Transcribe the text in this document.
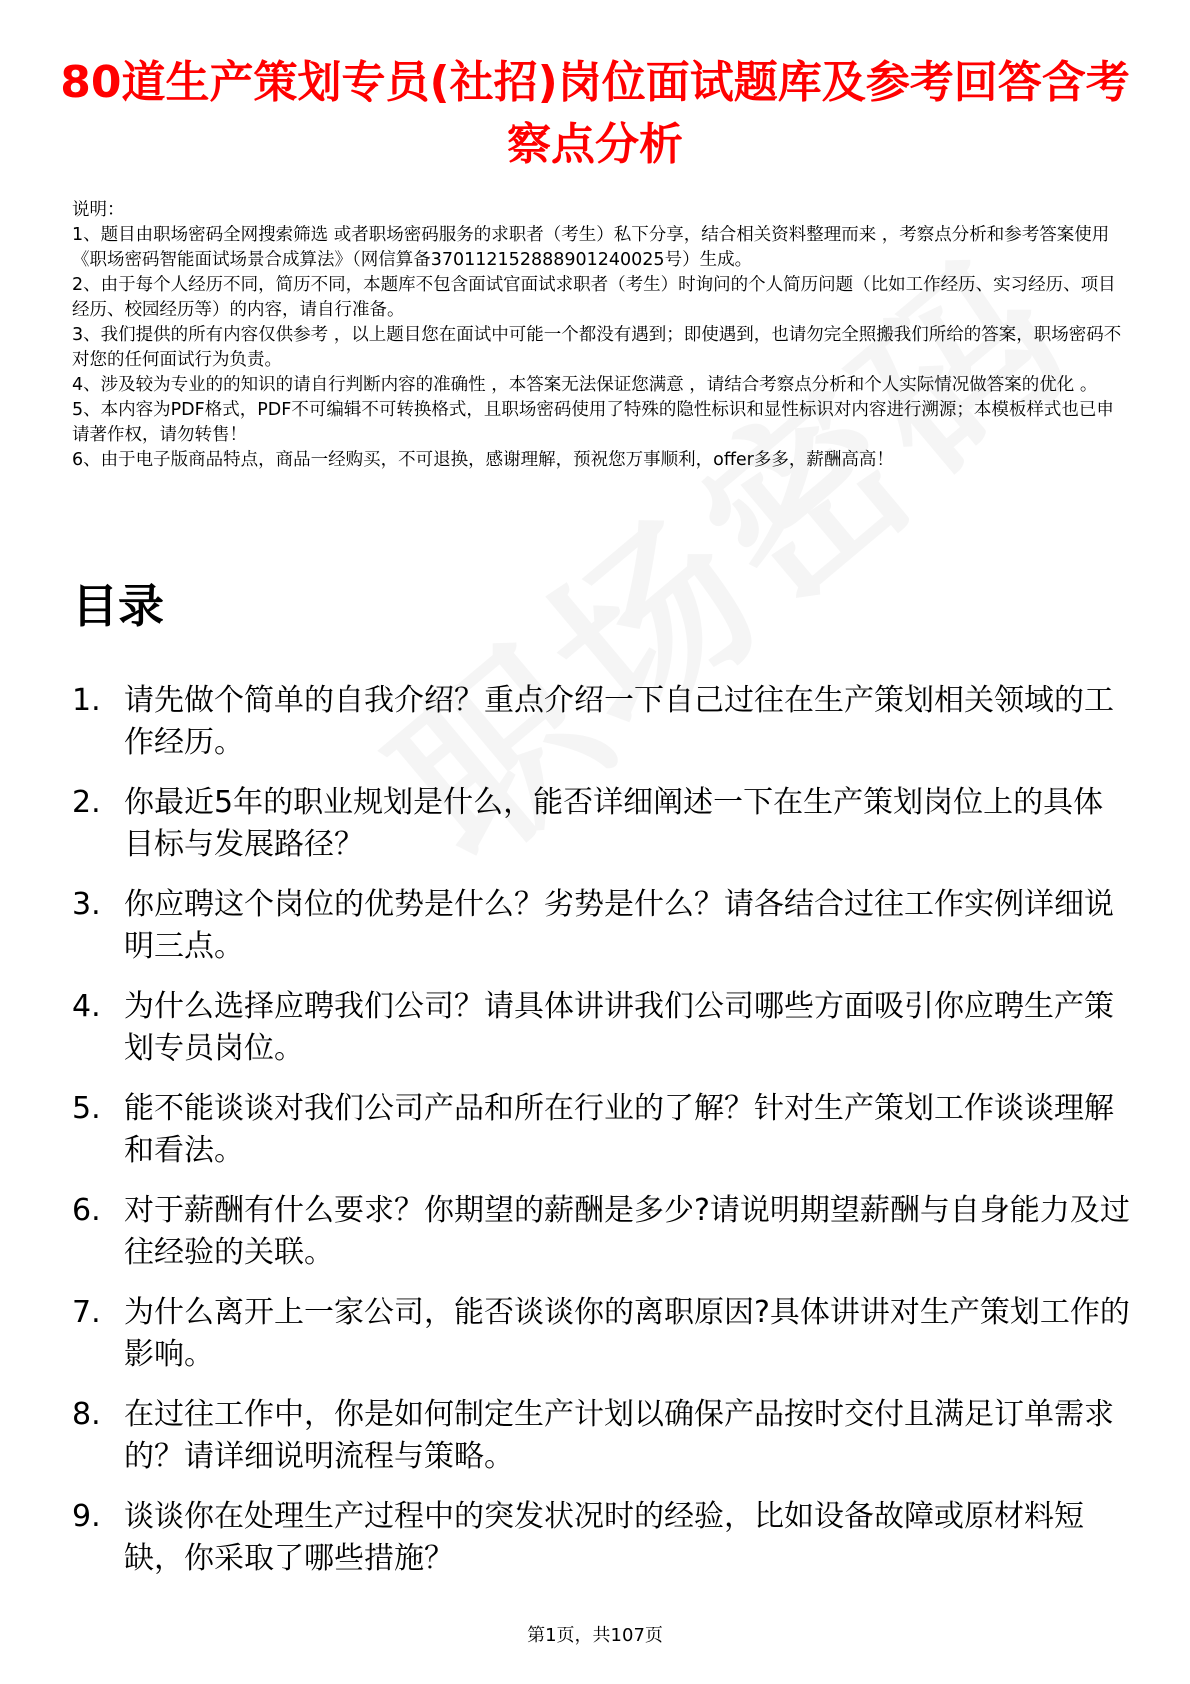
80道生产策划专员(社招)岗位面试题库及参考回答含考察点分析

说明：

1、题目由职场密码全网搜索筛选 或者职场密码服务的求职者（考生）私下分享，结合相关资料整理而来 ，考察点分析和参考答案使用《职场密码智能面试场景合成算法》（网信算备370112152888901240025号）生成。

2、由于每个人经历不同，简历不同，本题库不包含面试官面试求职者（考生）时询问的个人简历问题（比如工作经历、实习经历、项目经历、校园经历等）的内容，请自行准备。

3、我们提供的所有内容仅供参考 ，以上题目您在面试中可能一个都没有遇到；即使遇到，也请勿完全照搬我们所给的答案，职场密码不对您的任何面试行为负责。

4、涉及较为专业的的知识的请自行判断内容的准确性 ，本答案无法保证您满意 ，请结合考察点分析和个人实际情况做答案的优化 。

5、本内容为PDF格式，PDF不可编辑不可转换格式，且职场密码使用了特殊的隐性标识和显性标识对内容进行溯源；本模板样式也已申请著作权，请勿转售！

6、由于电子版商品特点，商品一经购买，不可退换，感谢理解，预祝您万事顺利，offer多多，薪酬高高！

目录
1. 请先做个简单的自我介绍？重点介绍一下自己过往在生产策划相关领域的工作经历。
2. 你最近5年的职业规划是什么，能否详细阐述一下在生产策划岗位上的具体目标与发展路径？
3. 你应聘这个岗位的优势是什么？劣势是什么？请各结合过往工作实例详细说明三点。
4. 为什么选择应聘我们公司？请具体讲讲我们公司哪些方面吸引你应聘生产策划专员岗位。
5. 能不能谈谈对我们公司产品和所在行业的了解？针对生产策划工作谈谈理解和看法。
6. 对于薪酬有什么要求？你期望的薪酬是多少?请说明期望薪酬与自身能力及过往经验的关联。
7. 为什么离开上一家公司，能否谈谈你的离职原因?具体讲讲对生产策划工作的影响。
8. 在过往工作中，你是如何制定生产计划以确保产品按时交付且满足订单需求的？请详细说明流程与策略。
9. 谈谈你在处理生产过程中的突发状况时的经验，比如设备故障或原材料短缺，你采取了哪些措施？
第1页，共107页
